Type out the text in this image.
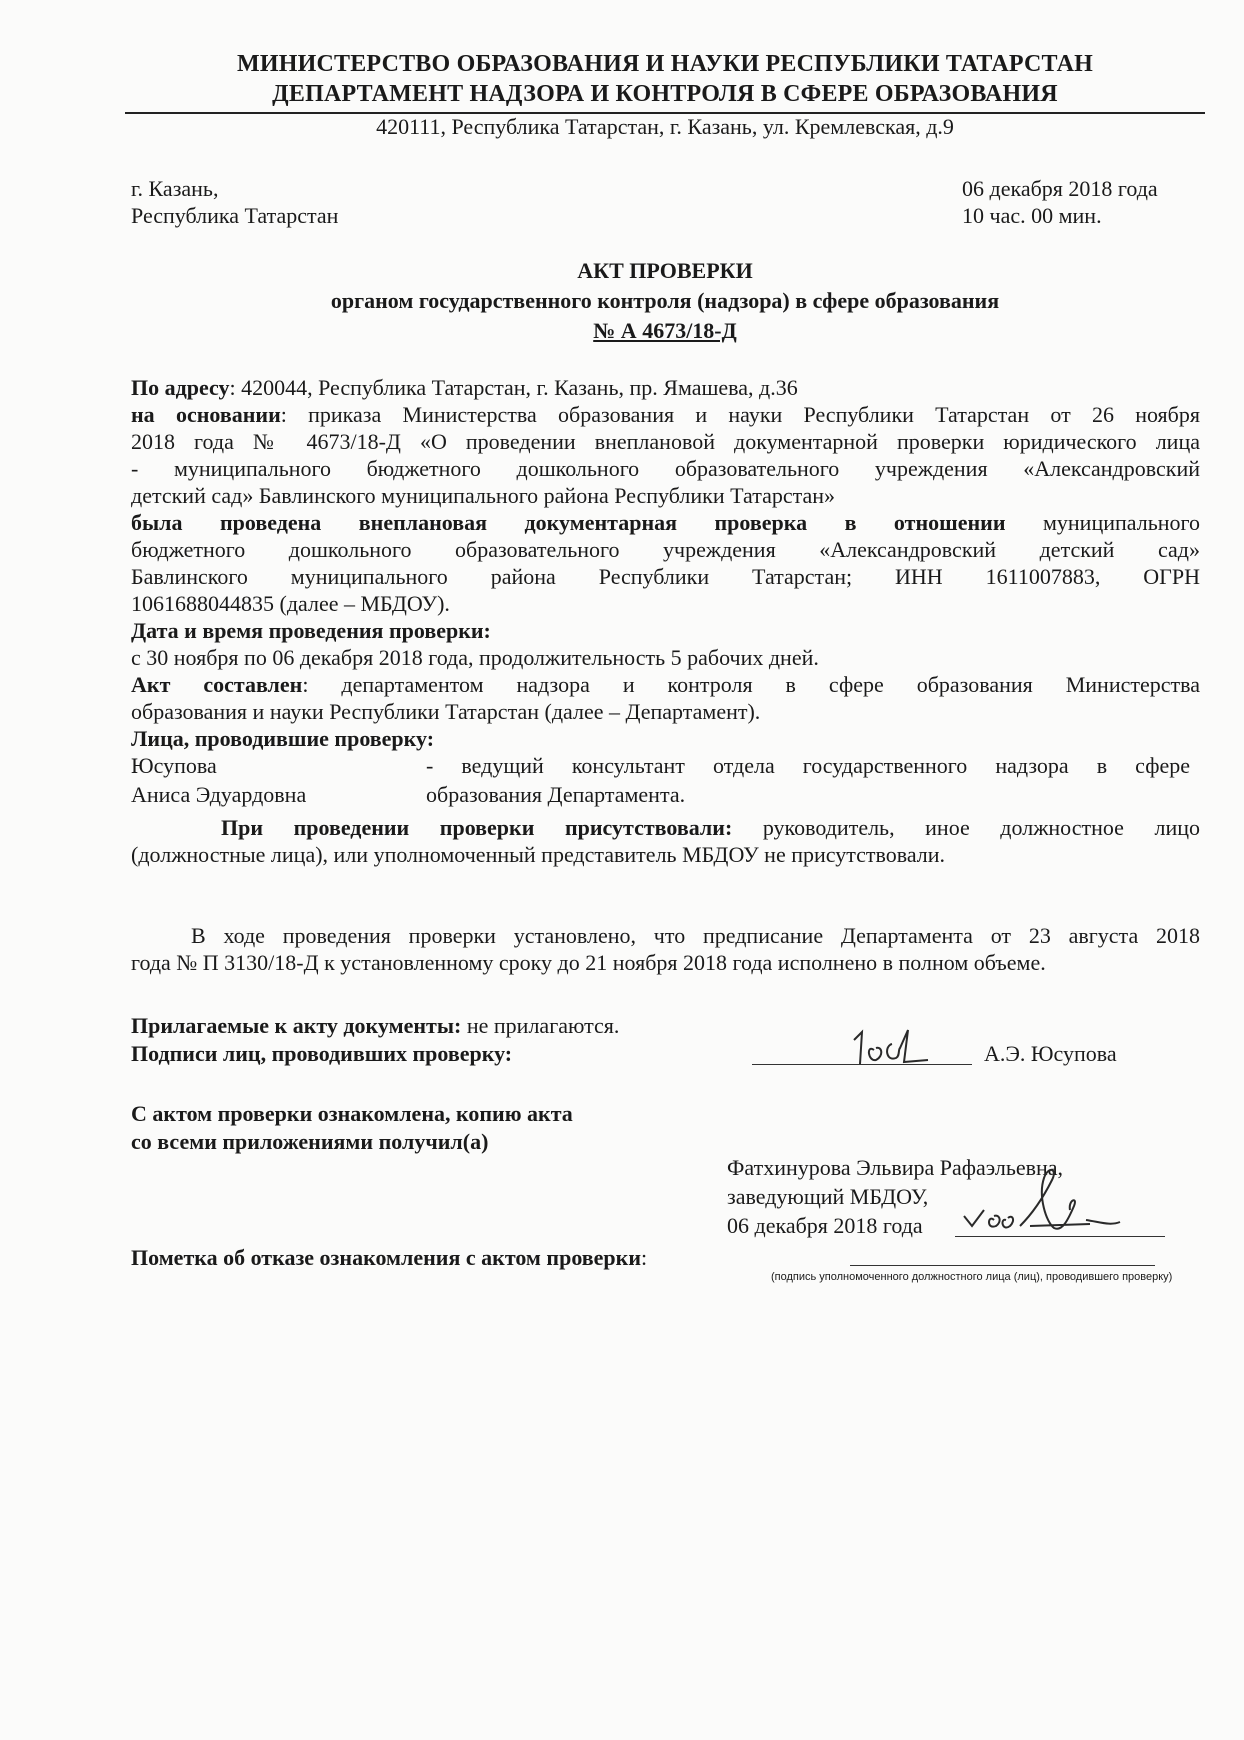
МИНИСТЕРСТВО ОБРАЗОВАНИЯ И НАУКИ РЕСПУБЛИКИ ТАТАРСТАН
ДЕПАРТАМЕНТ НАДЗОРА И КОНТРОЛЯ В СФЕРЕ ОБРАЗОВАНИЯ
420111, Республика Татарстан, г. Казань, ул. Кремлевская, д.9
г. Казань,
Республика Татарстан
06 декабря 2018 года
10 час. 00 мин.
АКТ ПРОВЕРКИ
органом государственного контроля (надзора) в сфере образования
№ А 4673/18-Д
По адресу: 420044, Республика Татарстан, г. Казань, пр. Ямашева, д.36
на основании: приказа Министерства образования и науки Республики Татарстан от 26 ноября
2018 года № 4673/18-Д «О проведении внеплановой документарной проверки юридического лица
- муниципального бюджетного дошкольного образовательного учреждения «Александровский
детский сад» Бавлинского муниципального района Республики Татарстан»
была проведена внеплановая документарная проверка в отношении муниципального
бюджетного дошкольного образовательного учреждения «Александровский детский сад»
Бавлинского муниципального района Республики Татарстан; ИНН 1611007883, ОГРН
1061688044835 (далее – МБДОУ).
Дата и время проведения проверки:
с 30 ноября по 06 декабря 2018 года, продолжительность 5 рабочих дней.
Акт составлен: департаментом надзора и контроля в сфере образования Министерства
образования и науки Республики Татарстан (далее – Департамент).
Лица, проводившие проверку:
Юсупова
Аниса Эдуардовна
- ведущий консультант отдела государственного надзора в сфере
образования Департамента.
При проведении проверки присутствовали: руководитель, иное должностное лицо
(должностные лица), или уполномоченный представитель МБДОУ не присутствовали.
В ходе проведения проверки установлено, что предписание Департамента от 23 августа 2018
года № П 3130/18-Д к установленному сроку до 21 ноября 2018 года исполнено в полном объеме.
Прилагаемые к акту документы: не прилагаются.
Подписи лиц, проводивших проверку:	А.Э. Юсупова
С актом проверки ознакомлена, копию акта
со всеми приложениями получил(а)
Фатхинурова Эльвира Рафаэльевна,
заведующий МБДОУ,
06 декабря 2018 года
Пометка об отказе ознакомления с актом проверки:
(подпись уполномоченного должностного лица (лиц), проводившего проверку)
